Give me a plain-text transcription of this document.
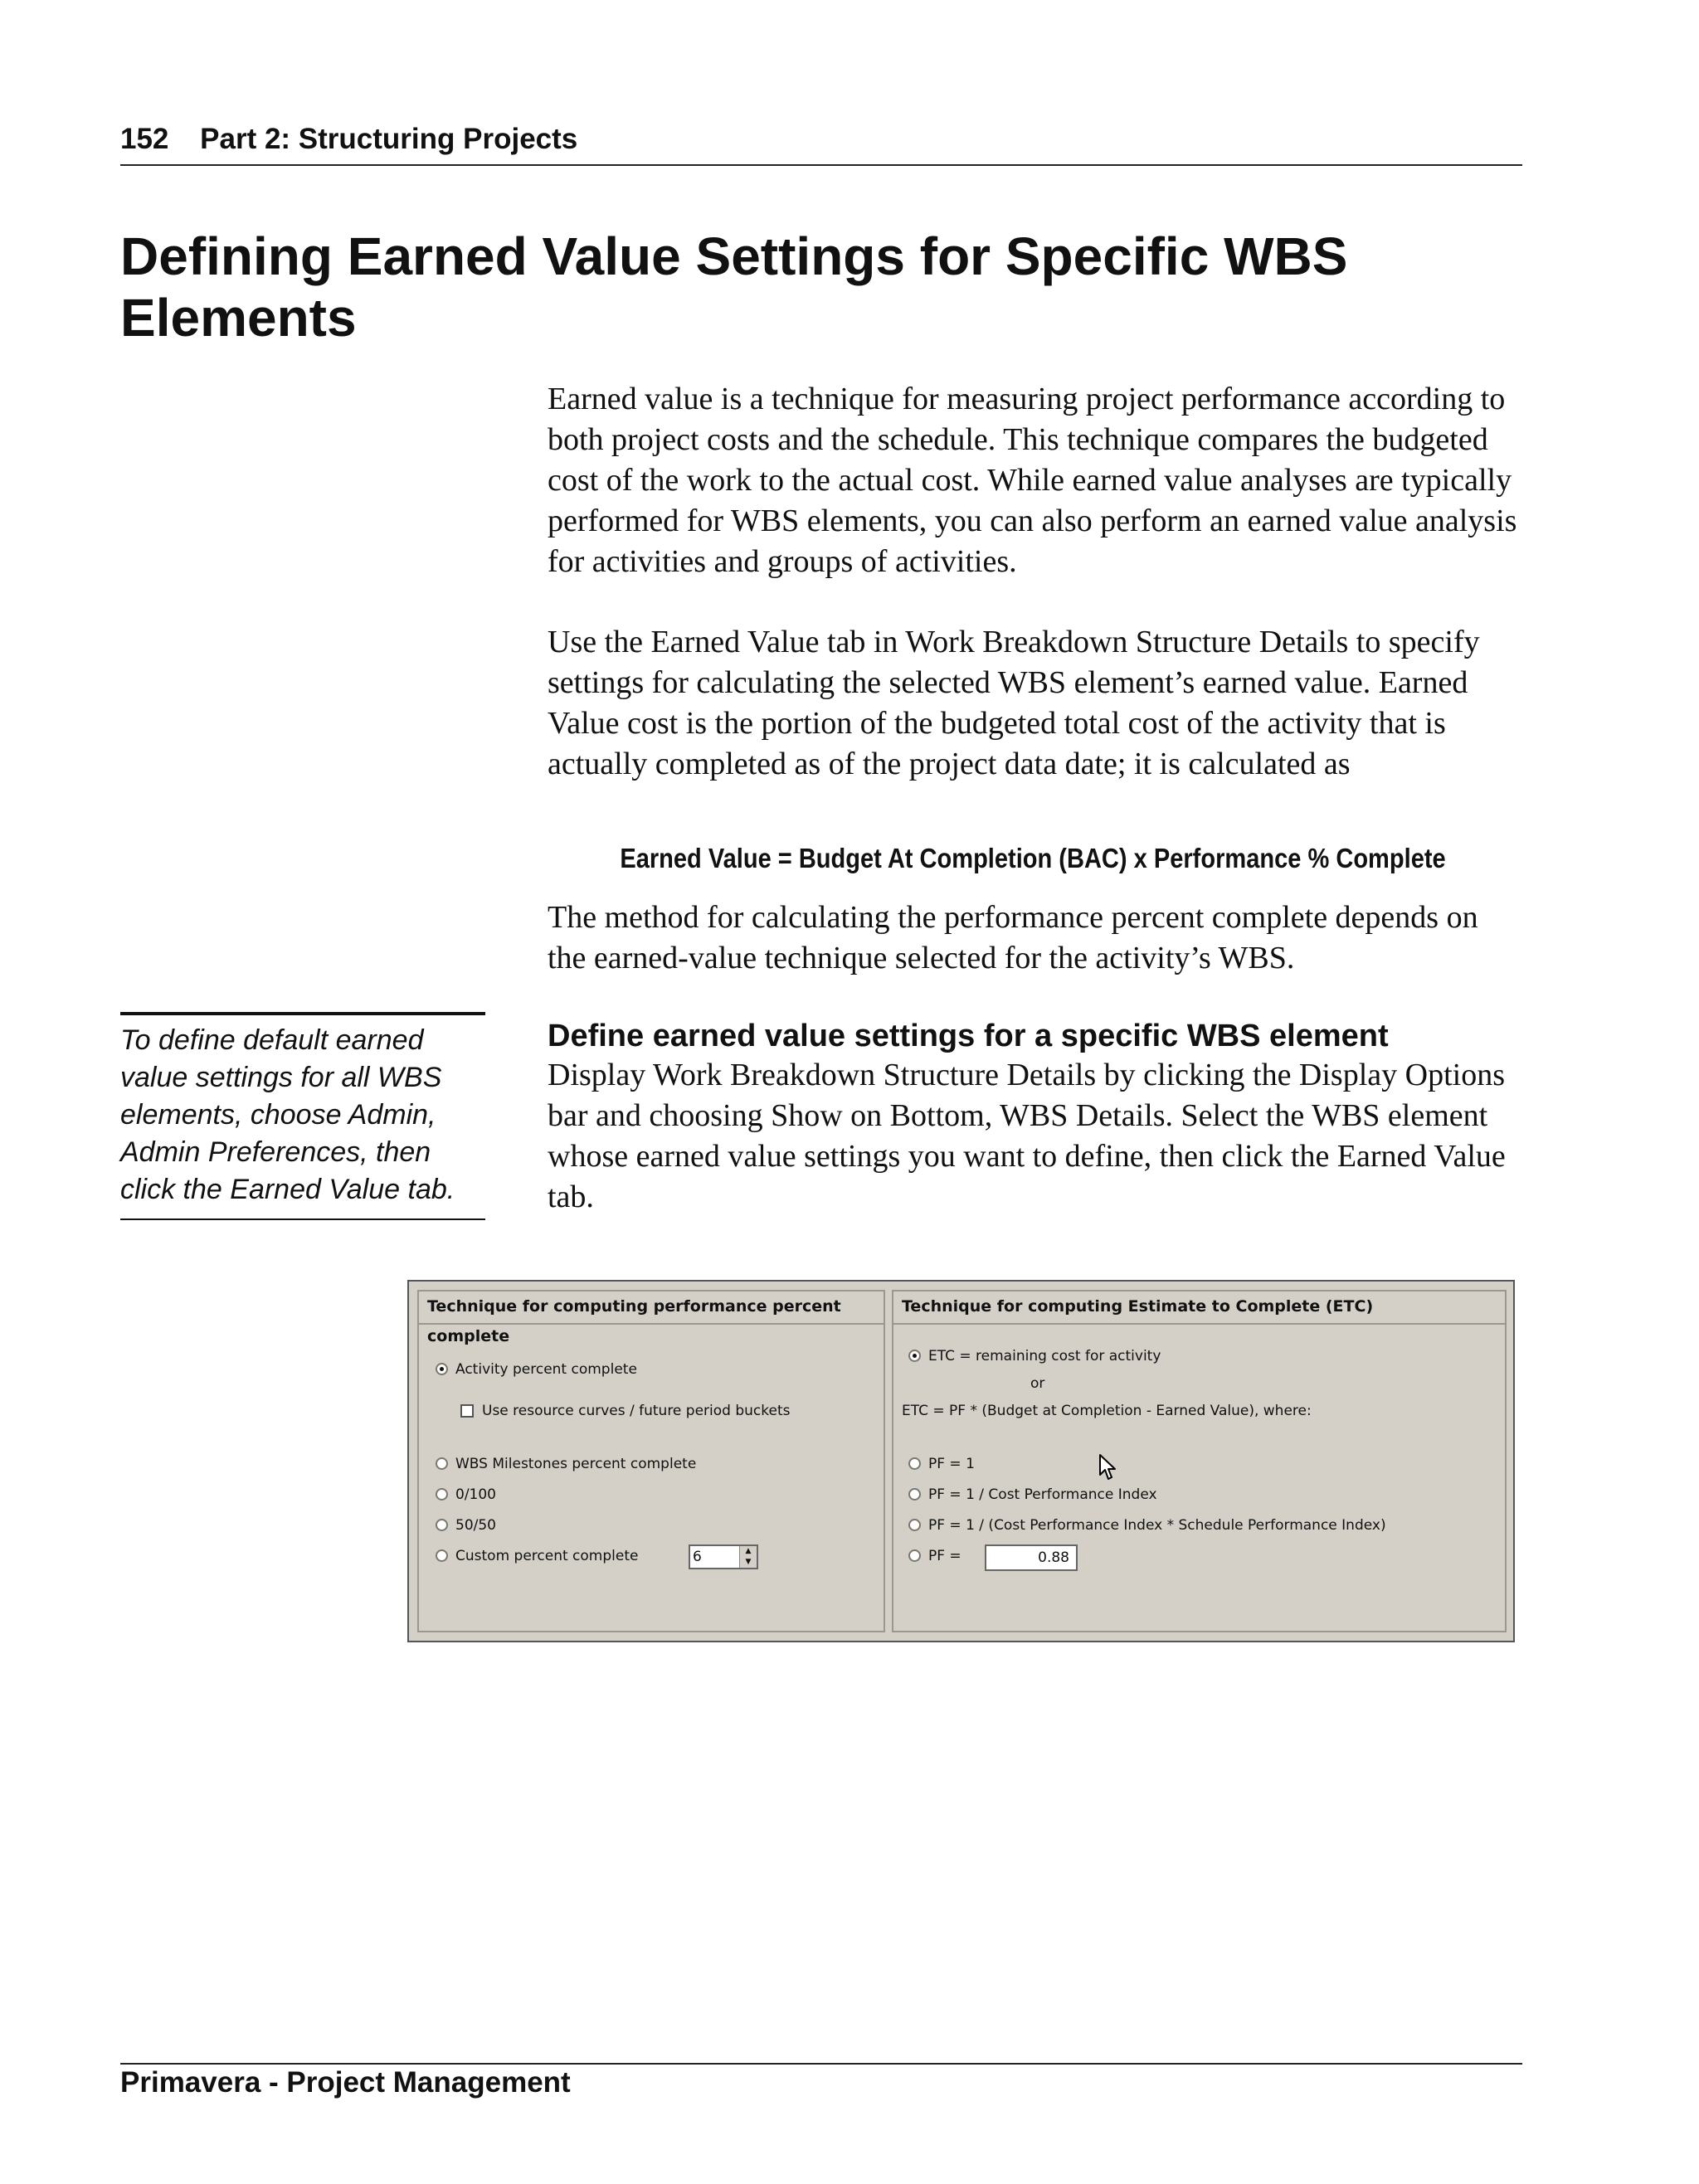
152 Part 2: Structuring Projects
Defining Earned Value Settings for Specific WBS Elements

Earned value is a technique for measuring project performance according to both project costs and the schedule. This technique compares the budgeted cost of the work to the actual cost. While earned value analyses are typically performed for WBS elements, you can also perform an earned value analysis for activities and groups of activities.

Use the Earned Value tab in Work Breakdown Structure Details to specify settings for calculating the selected WBS element’s earned value. Earned Value cost is the portion of the budgeted total cost of the activity that is actually completed as of the project data date; it is calculated as

Earned Value = Budget At Completion (BAC) x Performance % Complete

The method for calculating the performance percent complete depends on the earned-value technique selected for the activity’s WBS.

To define default earned value settings for all WBS elements, choose Admin, Admin Preferences, then click the Earned Value tab.
Define earned value settings for a specific WBS element

Display Work Breakdown Structure Details by clicking the Display Options bar and choosing Show on Bottom, WBS Details. Select the WBS element whose earned value settings you want to define, then click the Earned Value tab.

Technique for computing performance percent complete
Activity percent complete
Use resource curves / future period buckets
WBS Milestones percent complete
0/100
50/50
Custom percent complete	6	▲
▼
Technique for computing Estimate to Complete (ETC)
ETC = remaining cost for activity
or
ETC = PF * (Budget at Completion - Earned Value), where:
PF = 1
PF = 1 / Cost Performance Index
PF = 1 / (Cost Performance Index * Schedule Performance Index)
PF =	0.88
Primavera - Project Management
